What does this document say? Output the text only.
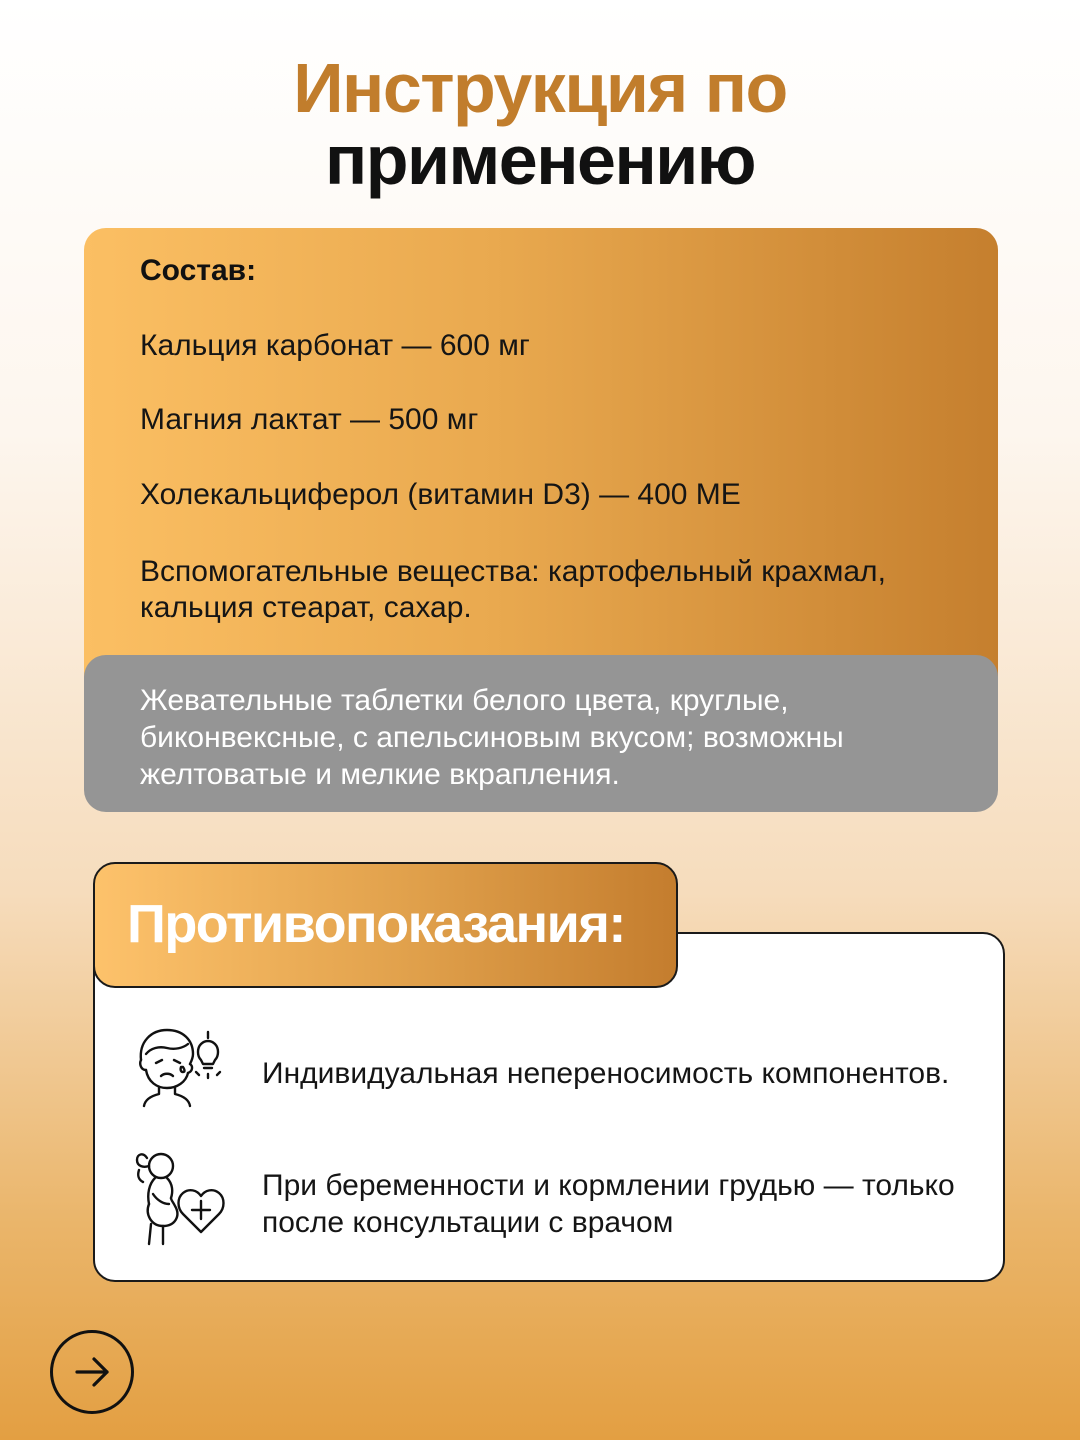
Инструкция по
применению
Состав:
Кальция карбонат — 600 мг
Магния лактат — 500 мг
Холекальциферол (витамин D3) — 400 МЕ
Вспомогательные вещества: картофельный крахмал, кальция стеарат, сахар.
Жевательные таблетки белого цвета, круглые, биконвексные, с апельсиновым вкусом; возможны желтоватые и мелкие вкрапления.
Противопоказания:
Индивидуальная непереносимость компонентов.
При беременности и кормлении грудью — только после консультации с врачом
